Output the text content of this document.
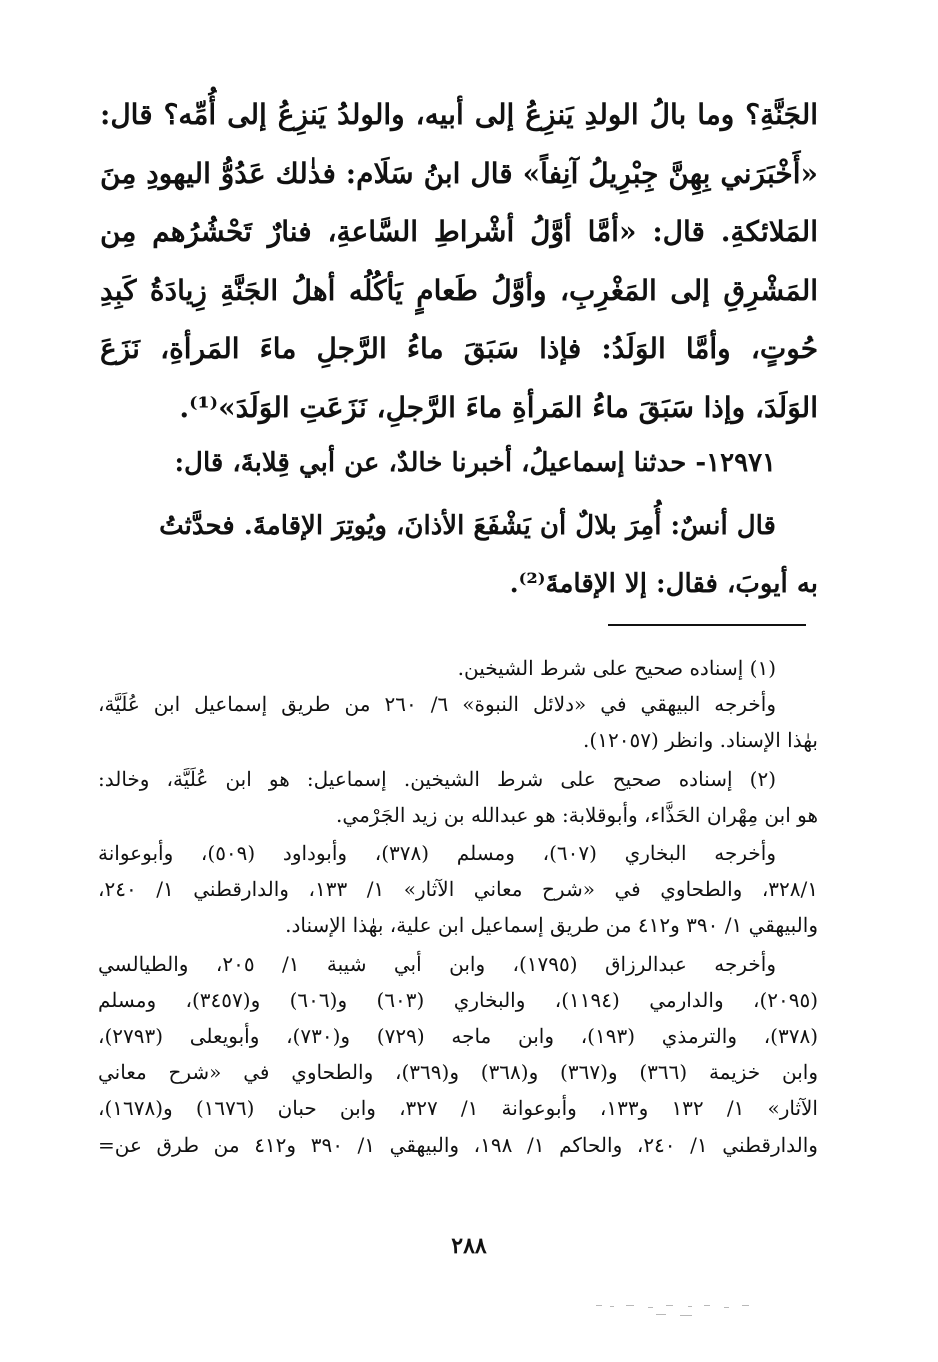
الجَنَّةِ؟ وما بالُ الولدِ يَنزِعُ إلى أبيه، والولدُ يَنزِعُ إلى أُمِّه؟ قال:
«أَخْبَرَني بِهِنَّ جِبْرِيلُ آنِفاً» قال ابنُ سَلَام: فذٰلك عَدُوُّ اليهودِ مِنَ
المَلائكةِ. قال: «أمَّا أوَّلُ أشْراطِ السَّاعةِ، فنارٌ تَحْشُرُهم مِن
المَشْرِقِ إلى المَغْرِبِ، وأوَّلُ طَعامٍ يَأكُلُه أهلُ الجَنَّةِ زِيادَةُ كَبِدِ
حُوتٍ، وأمَّا الوَلَدُ: فإذا سَبَقَ ماءُ الرَّجلِ ماءَ المَرأةِ، نَزَعَ
الوَلَدَ، وإذا سَبَقَ ماءُ المَرأةِ ماءَ الرَّجلِ، نَزَعَتِ الوَلَدَ»⁽¹⁾.
١٢٩٧١- حدثنا إسماعيلُ، أخبرنا خالدٌ، عن أبي قِلابةَ، قال:
قال أنسٌ: أُمِرَ بلالٌ أن يَشْفَعَ الأذانَ، ويُوتِرَ الإقامةَ. فحدَّثتُ
به أيوبَ، فقال: إلا الإقامةَ⁽²⁾.
(١) إسناده صحيح على شرط الشيخين.
وأخرجه البيهقي في «دلائل النبوة» ٦/ ٢٦٠ من طريق إسماعيل ابن عُلَيَّة،
بهٰذا الإسناد. وانظر (١٢٠٥٧).
(٢) إسناده صحيح على شرط الشيخين. إسماعيل: هو ابن عُلَيَّة، وخالد:
هو ابن مِهْران الحَذَّاء، وأبوقلابة: هو عبدالله بن زيد الجَرْمي.
وأخرجه البخاري (٦٠٧)، ومسلم (٣٧٨)، وأبوداود (٥٠٩)، وأبوعوانة
٣٢٨/١، والطحاوي في «شرح معاني الآثار» ١/ ١٣٣، والدارقطني ١/ ٢٤٠،
والبيهقي ١/ ٣٩٠ و٤١٢ من طريق إسماعيل ابن علية، بهٰذا الإسناد.
وأخرجه عبدالرزاق (١٧٩٥)، وابن أبي شيبة ١/ ٢٠٥، والطيالسي
(٢٠٩٥)، والدارمي (١١٩٤)، والبخاري (٦٠٣) و(٦٠٦) و(٣٤٥٧)، ومسلم
(٣٧٨)، والترمذي (١٩٣)، وابن ماجه (٧٢٩) و(٧٣٠)، وأبويعلى (٢٧٩٣)،
وابن خزيمة (٣٦٦) و(٣٦٧) و(٣٦٨) و(٣٦٩)، والطحاوي في «شرح معاني
الآثار» ١/ ١٣٢ و١٣٣، وأبوعوانة ١/ ٣٢٧، وابن حبان (١٦٧٦) و(١٦٧٨)،
والدارقطني ١/ ٢٤٠، والحاكم ١/ ١٩٨، والبيهقي ١/ ٣٩٠ و٤١٢ من طرق عن=
٢٨٨
